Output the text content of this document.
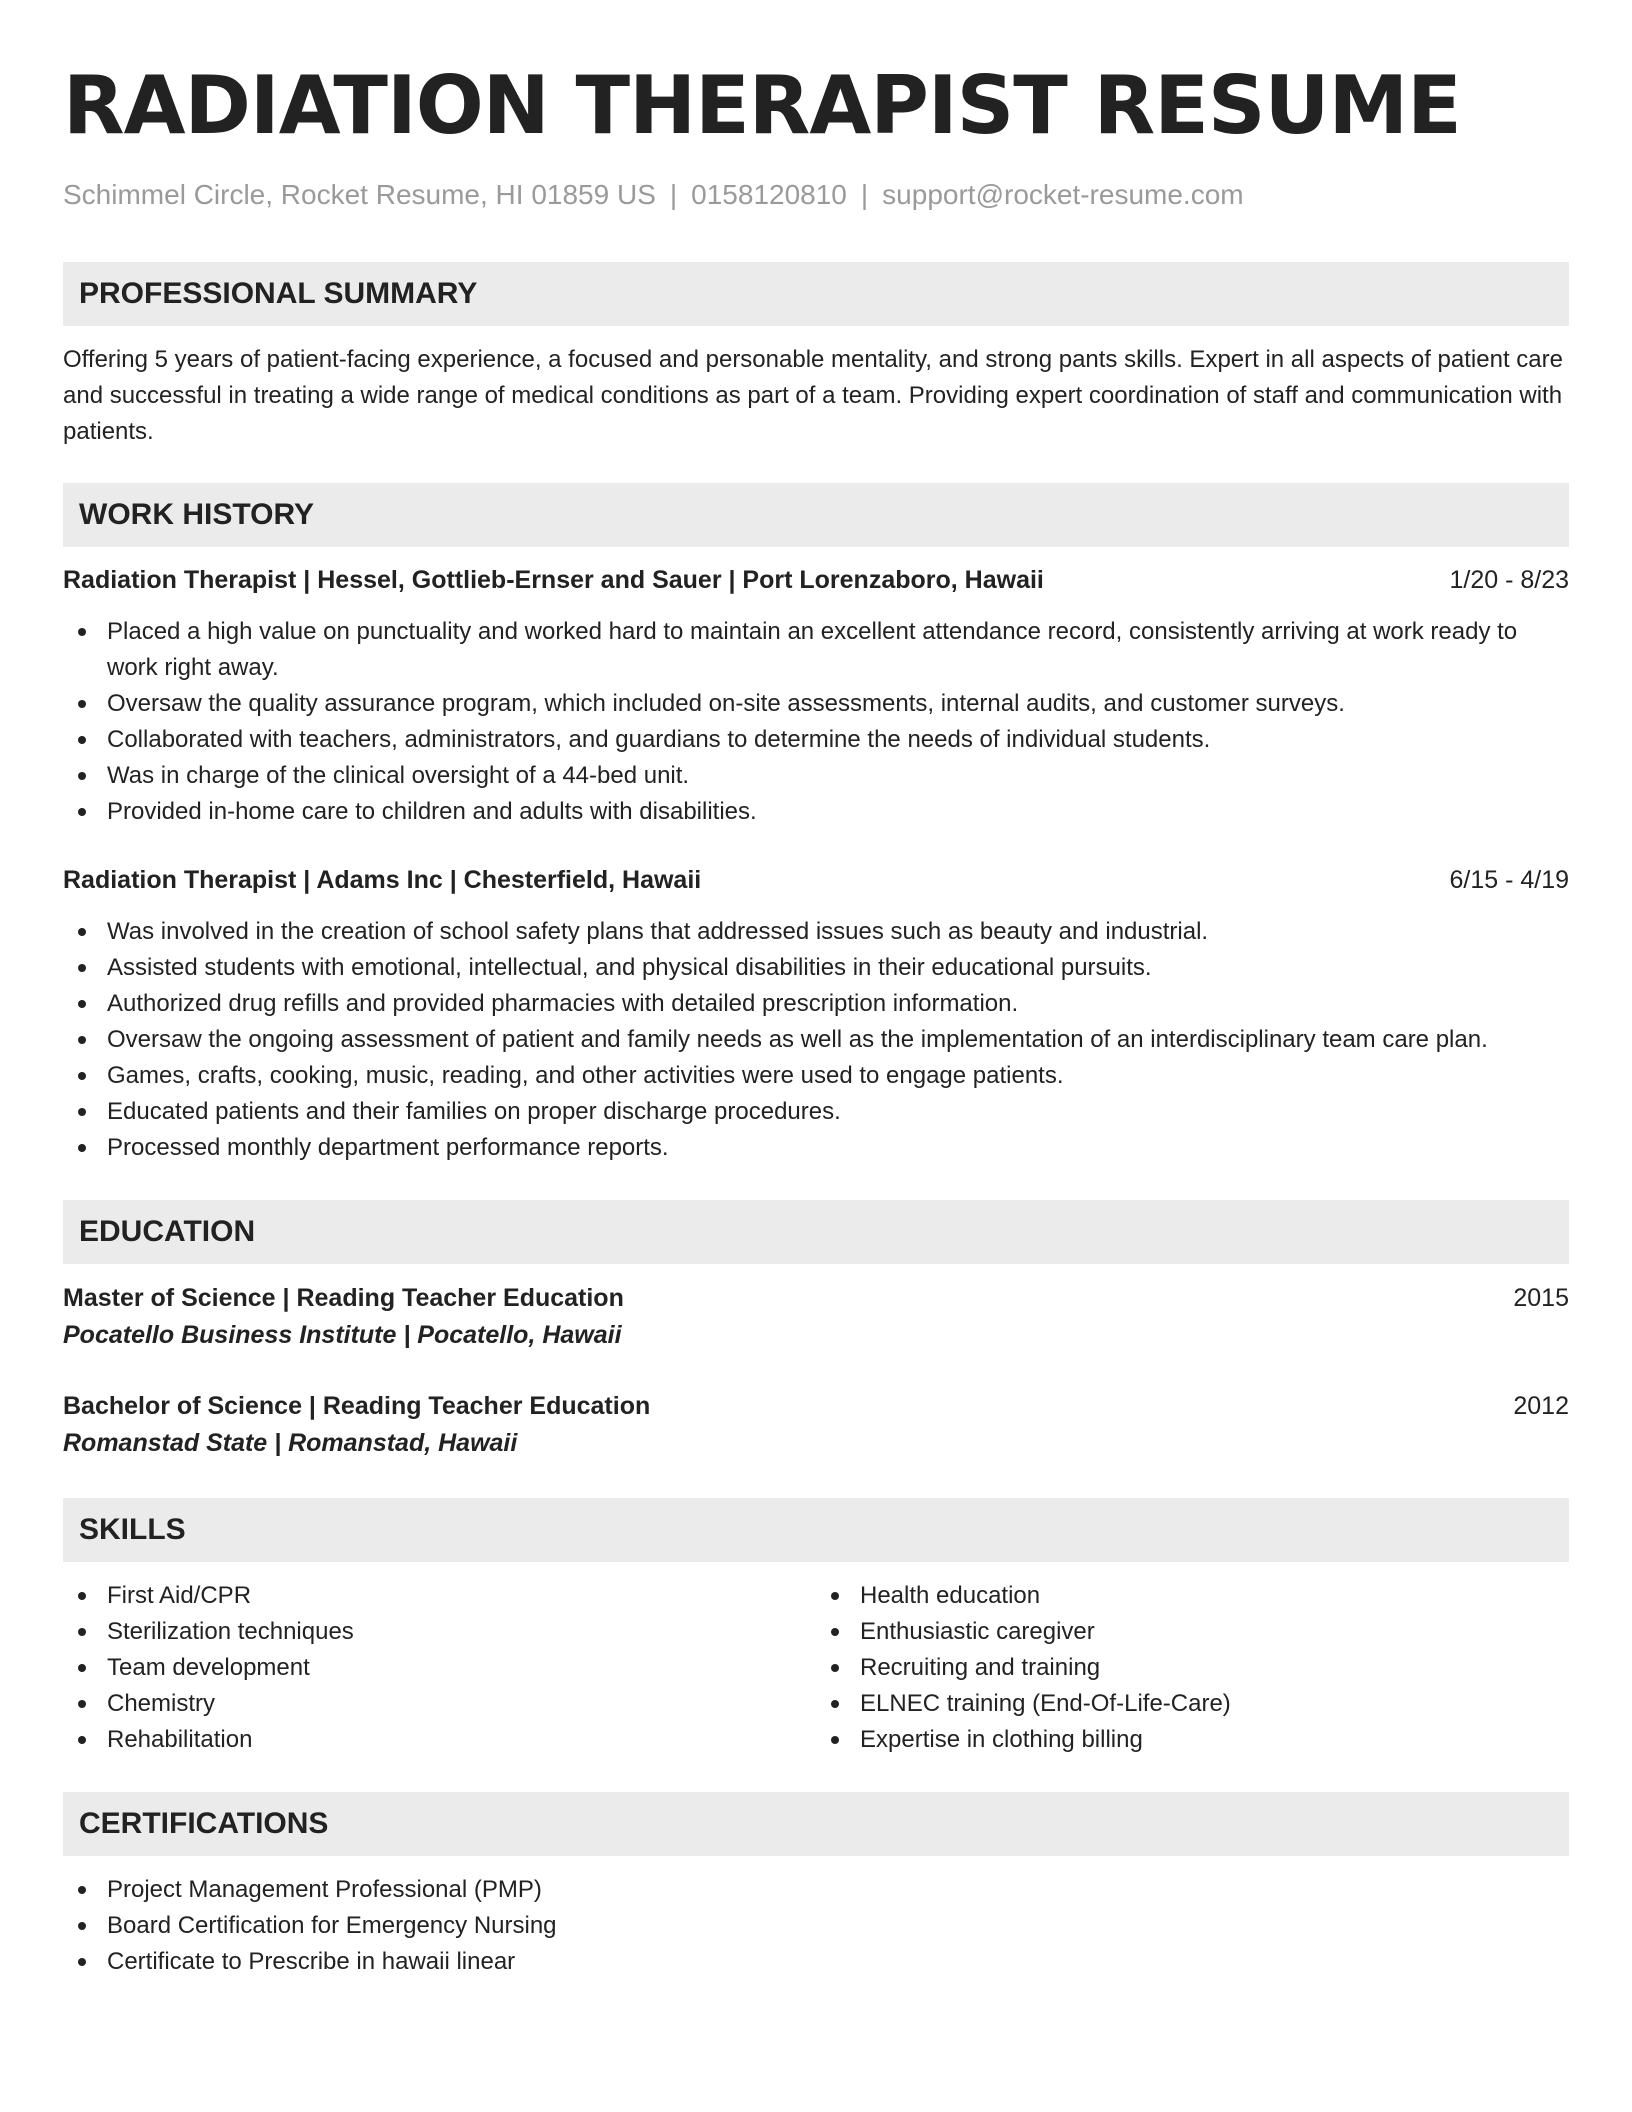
RADIATION THERAPIST RESUME
Schimmel Circle, Rocket Resume, HI 01859 US | 0158120810 | support@rocket-resume.com
PROFESSIONAL SUMMARY
Offering 5 years of patient-facing experience, a focused and personable mentality, and strong pants skills. Expert in all aspects of patient care and successful in treating a wide range of medical conditions as part of a team. Providing expert coordination of staff and communication with patients.
WORK HISTORY
Radiation Therapist | Hessel, Gottlieb-Ernser and Sauer | Port Lorenzaboro, Hawaii	1/20 - 8/23
Placed a high value on punctuality and worked hard to maintain an excellent attendance record, consistently arriving at work ready to work right away.
Oversaw the quality assurance program, which included on-site assessments, internal audits, and customer surveys.
Collaborated with teachers, administrators, and guardians to determine the needs of individual students.
Was in charge of the clinical oversight of a 44-bed unit.
Provided in-home care to children and adults with disabilities.
Radiation Therapist | Adams Inc | Chesterfield, Hawaii	6/15 - 4/19
Was involved in the creation of school safety plans that addressed issues such as beauty and industrial.
Assisted students with emotional, intellectual, and physical disabilities in their educational pursuits.
Authorized drug refills and provided pharmacies with detailed prescription information.
Oversaw the ongoing assessment of patient and family needs as well as the implementation of an interdisciplinary team care plan.
Games, crafts, cooking, music, reading, and other activities were used to engage patients.
Educated patients and their families on proper discharge procedures.
Processed monthly department performance reports.
EDUCATION
Master of Science | Reading Teacher Education	2015
Pocatello Business Institute | Pocatello, Hawaii
Bachelor of Science | Reading Teacher Education	2012
Romanstad State | Romanstad, Hawaii
SKILLS
First Aid/CPR
Sterilization techniques
Team development
Chemistry
Rehabilitation
Health education
Enthusiastic caregiver
Recruiting and training
ELNEC training (End-Of-Life-Care)
Expertise in clothing billing
CERTIFICATIONS
Project Management Professional (PMP)
Board Certification for Emergency Nursing
Certificate to Prescribe in hawaii linear
